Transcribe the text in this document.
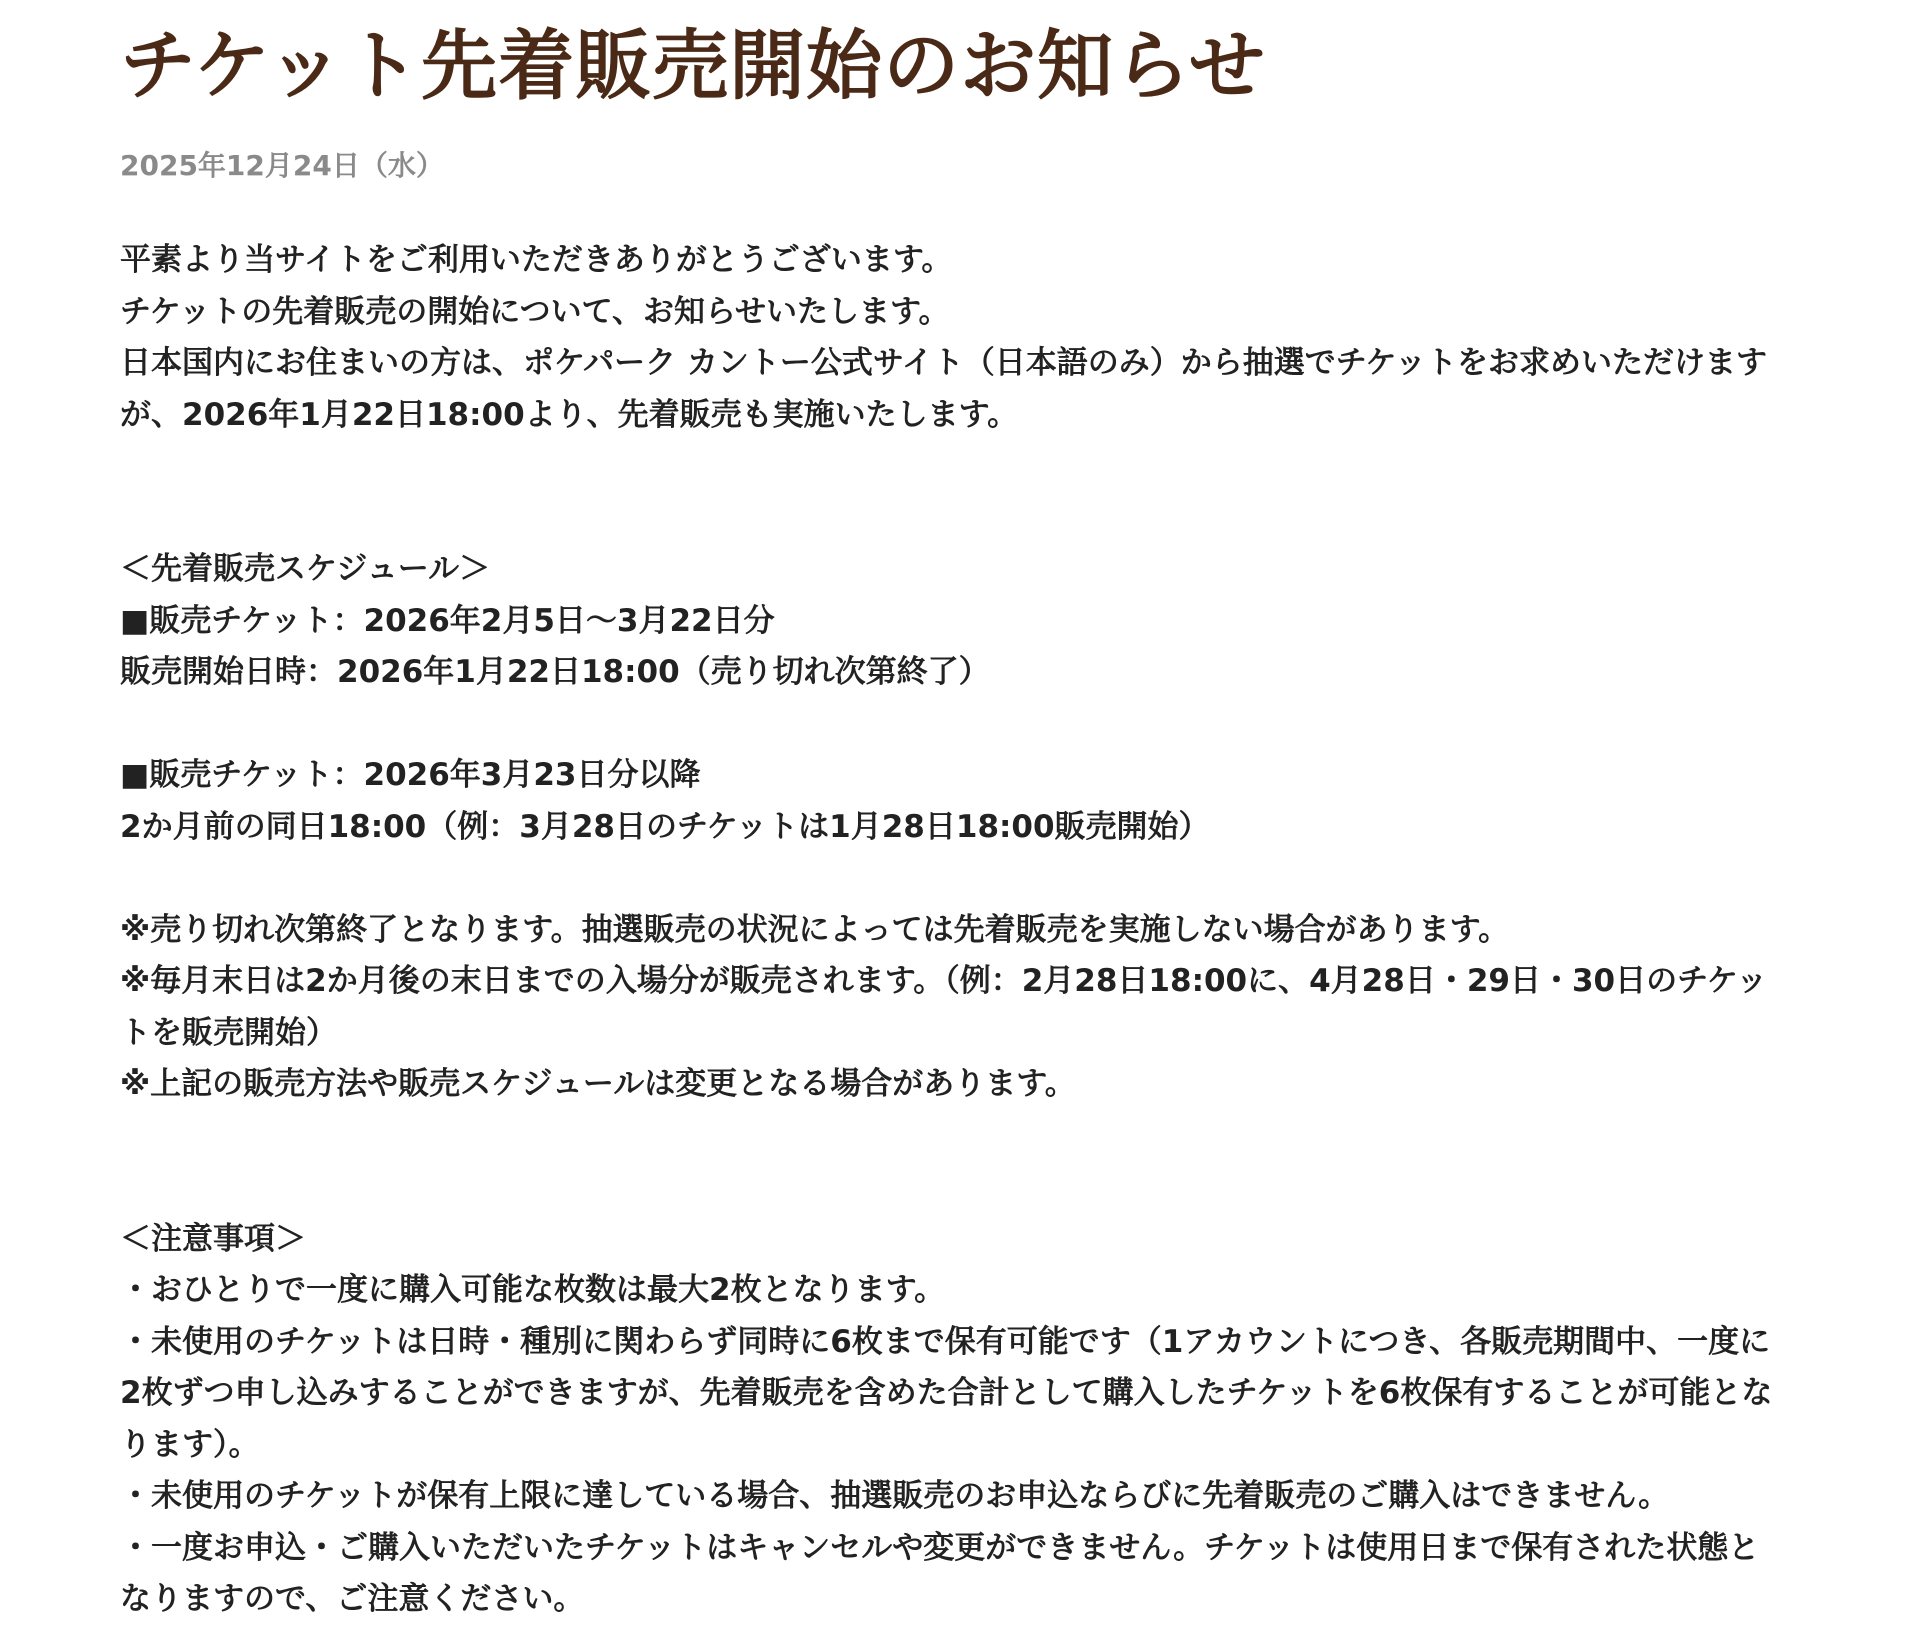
チケット先着販売開始のお知らせ
2025年12月24日（水）
平素より当サイトをご利用いただきありがとうございます。
チケットの先着販売の開始について、お知らせいたします。
日本国内にお住まいの方は、ポケパーク カントー公式サイト（日本語のみ）から抽選でチケットをお求めいただけます
が、2026年1月22日18:00より、先着販売も実施いたします。
＜先着販売スケジュール＞
■販売チケット：2026年2月5日〜3月22日分
販売開始日時：2026年1月22日18:00（売り切れ次第終了）
■販売チケット：2026年3月23日分以降
2か月前の同日18:00（例：3月28日のチケットは1月28日18:00販売開始）
※売り切れ次第終了となります。抽選販売の状況によっては先着販売を実施しない場合があります。
※毎月末日は2か月後の末日までの入場分が販売されます。（例：2月28日18:00に、4月28日・29日・30日のチケッ
トを販売開始）
※上記の販売方法や販売スケジュールは変更となる場合があります。
＜注意事項＞
・おひとりで一度に購入可能な枚数は最大2枚となります。
・未使用のチケットは日時・種別に関わらず同時に6枚まで保有可能です（1アカウントにつき、各販売期間中、一度に
2枚ずつ申し込みすることができますが、先着販売を含めた合計として購入したチケットを6枚保有することが可能とな
ります）。
・未使用のチケットが保有上限に達している場合、抽選販売のお申込ならびに先着販売のご購入はできません。
・一度お申込・ご購入いただいたチケットはキャンセルや変更ができません。チケットは使用日まで保有された状態と
なりますので、ご注意ください。
